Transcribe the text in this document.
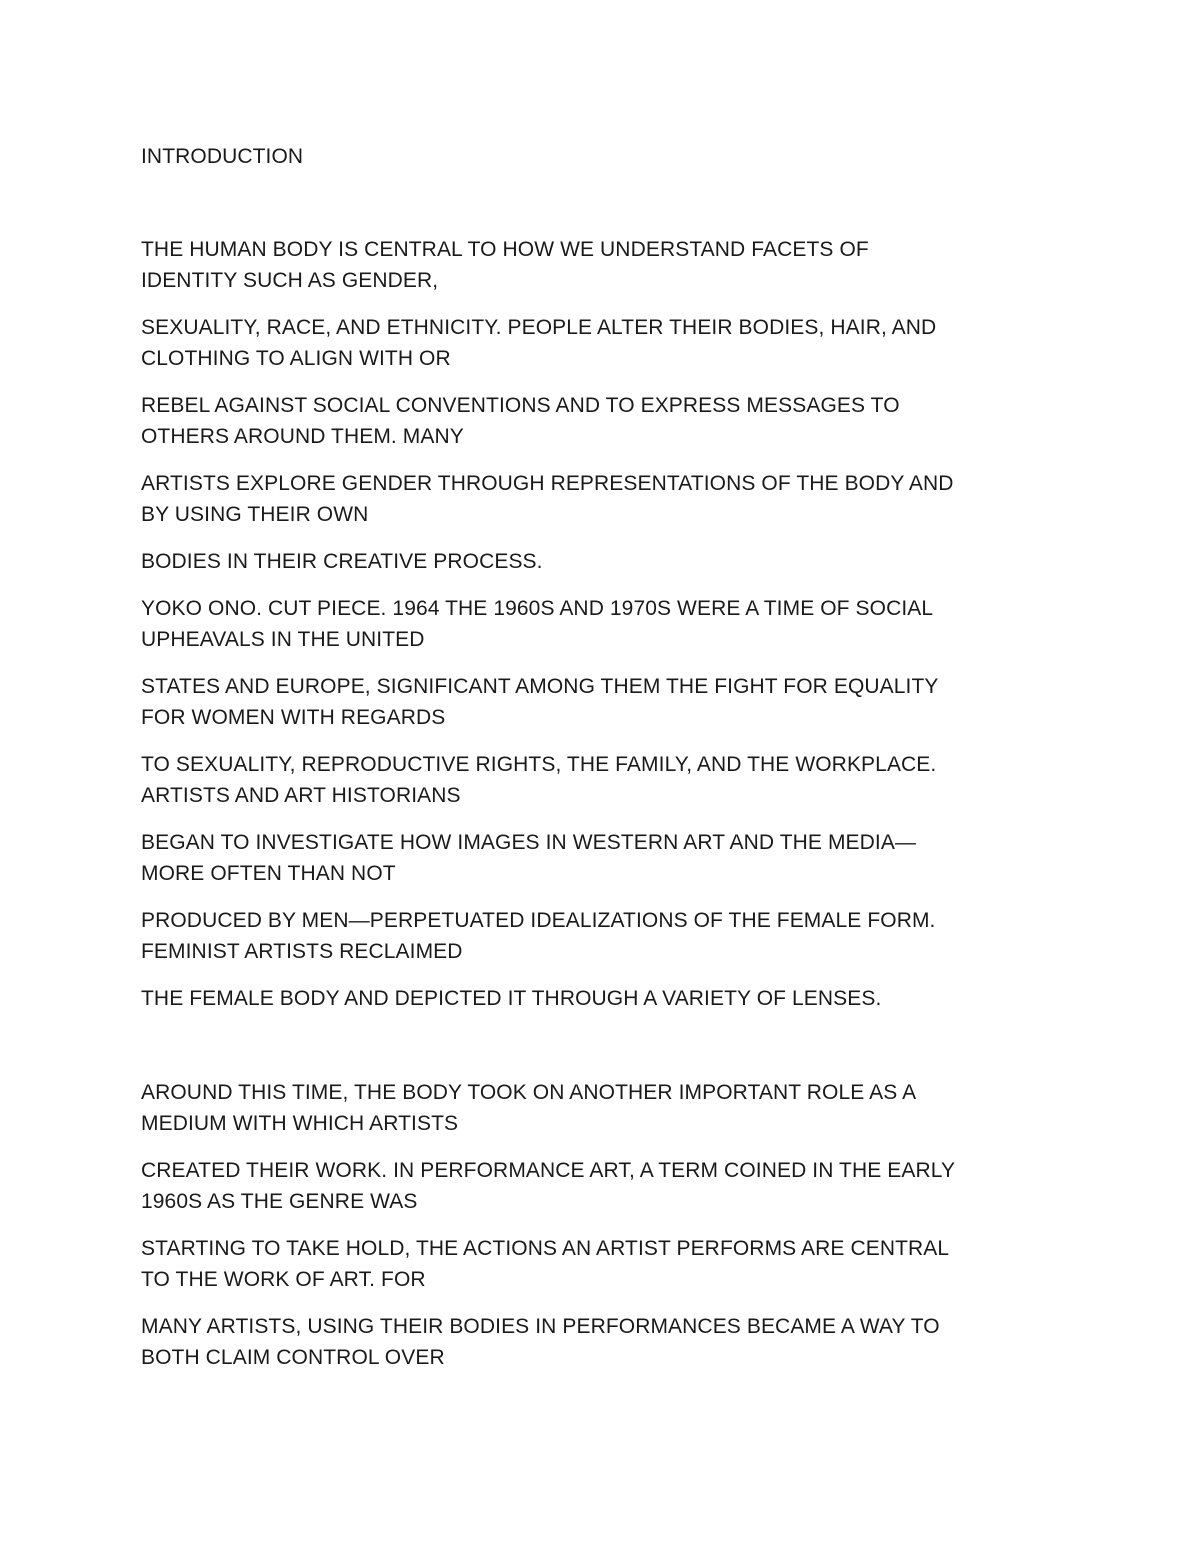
INTRODUCTION

THE HUMAN BODY IS CENTRAL TO HOW WE UNDERSTAND FACETS OF
IDENTITY SUCH AS GENDER,

SEXUALITY, RACE, AND ETHNICITY. PEOPLE ALTER THEIR BODIES, HAIR, AND
CLOTHING TO ALIGN WITH OR

REBEL AGAINST SOCIAL CONVENTIONS AND TO EXPRESS MESSAGES TO
OTHERS AROUND THEM. MANY

ARTISTS EXPLORE GENDER THROUGH REPRESENTATIONS OF THE BODY AND
BY USING THEIR OWN

BODIES IN THEIR CREATIVE PROCESS.

YOKO ONO. CUT PIECE. 1964 THE 1960S AND 1970S WERE A TIME OF SOCIAL
UPHEAVALS IN THE UNITED

STATES AND EUROPE, SIGNIFICANT AMONG THEM THE FIGHT FOR EQUALITY
FOR WOMEN WITH REGARDS

TO SEXUALITY, REPRODUCTIVE RIGHTS, THE FAMILY, AND THE WORKPLACE.
ARTISTS AND ART HISTORIANS

BEGAN TO INVESTIGATE HOW IMAGES IN WESTERN ART AND THE MEDIA—
MORE OFTEN THAN NOT

PRODUCED BY MEN—PERPETUATED IDEALIZATIONS OF THE FEMALE FORM.
FEMINIST ARTISTS RECLAIMED

THE FEMALE BODY AND DEPICTED IT THROUGH A VARIETY OF LENSES.

AROUND THIS TIME, THE BODY TOOK ON ANOTHER IMPORTANT ROLE AS A
MEDIUM WITH WHICH ARTISTS

CREATED THEIR WORK. IN PERFORMANCE ART, A TERM COINED IN THE EARLY
1960S AS THE GENRE WAS

STARTING TO TAKE HOLD, THE ACTIONS AN ARTIST PERFORMS ARE CENTRAL
TO THE WORK OF ART. FOR

MANY ARTISTS, USING THEIR BODIES IN PERFORMANCES BECAME A WAY TO
BOTH CLAIM CONTROL OVER
